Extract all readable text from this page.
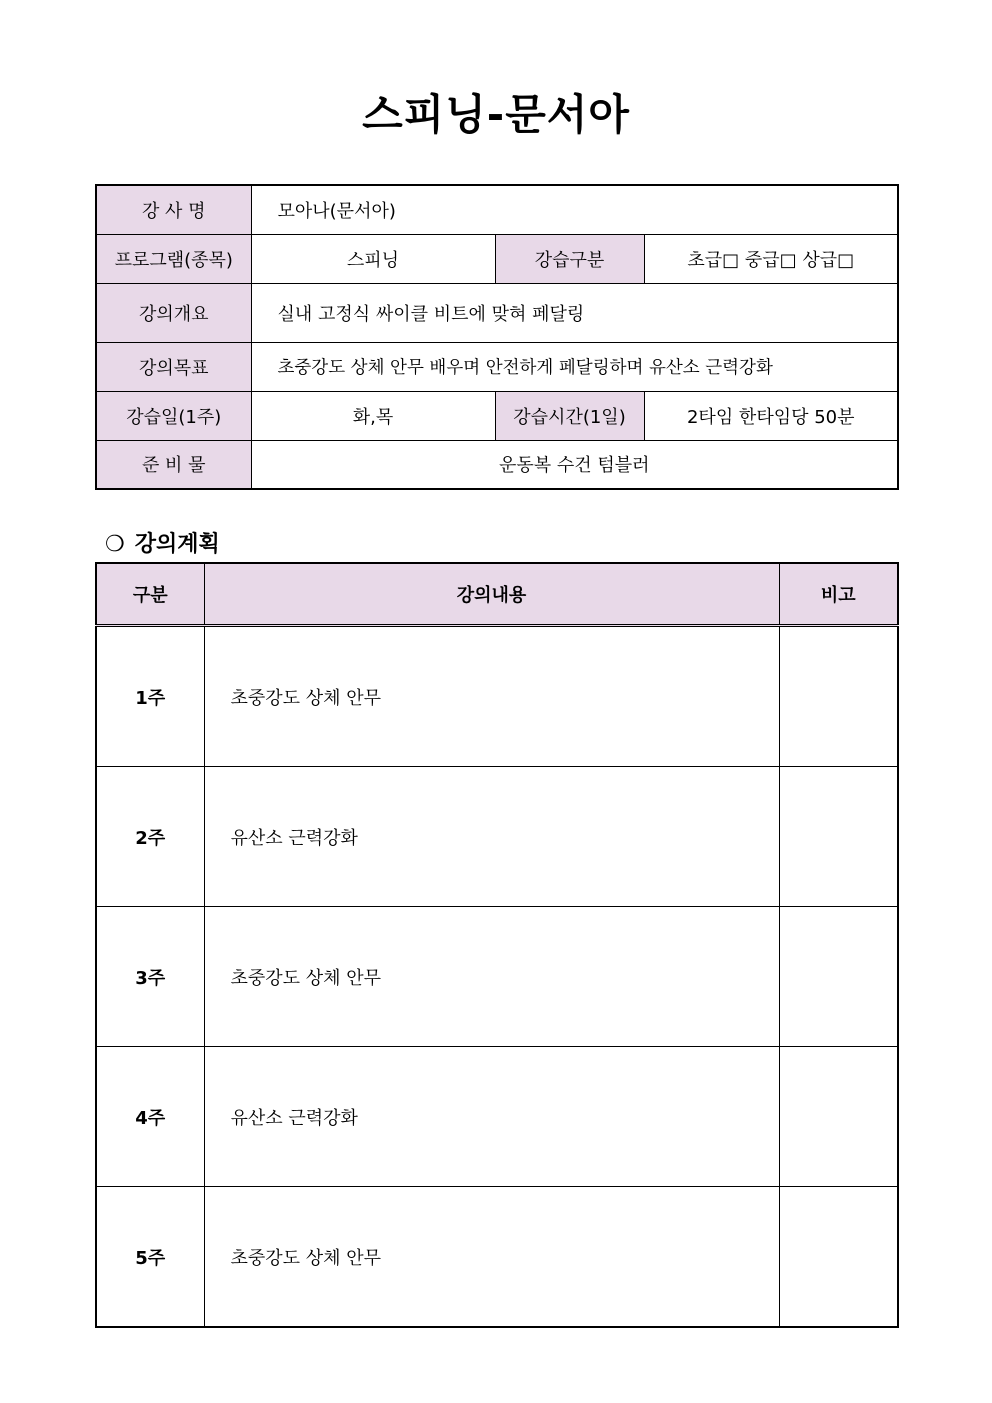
스피닝-문서아
강 사 명	모아나(문서아)		
프로그램(종목)	스피닝	강습구분	초급□ 중급□ 상급□
강의개요	실내 고정식 싸이클 비트에 맞혀 페달링		
강의목표	초중강도 상체 안무 배우며 안전하게 페달링하며 유산소 근력강화		
강습일(1주)	화,목	강습시간(1일)	2타임 한타임당 50분
준 비 물	운동복 수건 텀블러		
❍ 강의계획
구분	강의내용	비고
1주	초중강도 상체 안무	
2주	유산소 근력강화	
3주	초중강도 상체 안무	
4주	유산소 근력강화	
5주	초중강도 상체 안무	
